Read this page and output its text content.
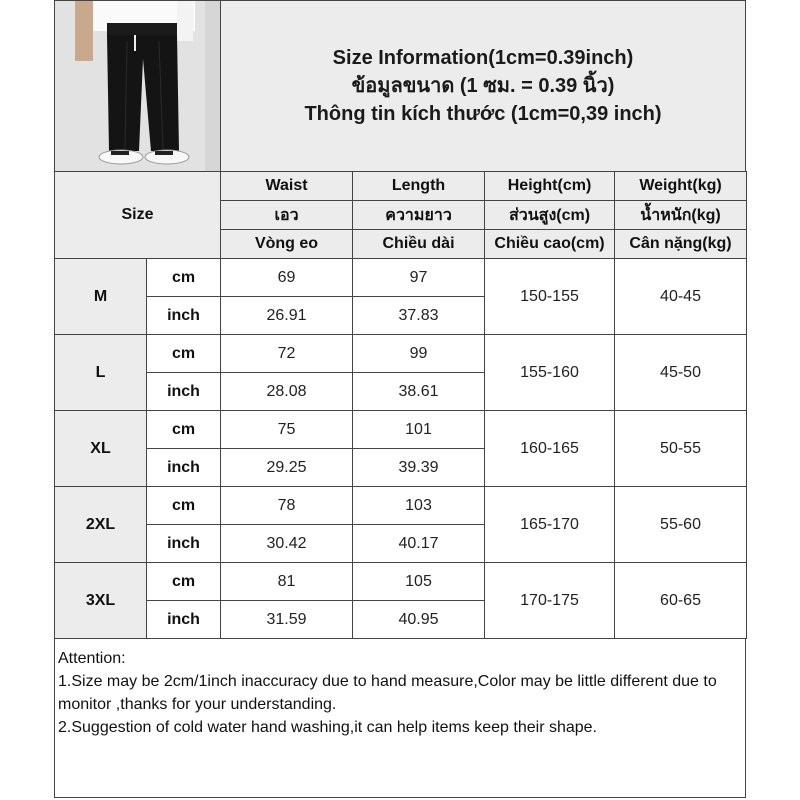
Size Information(1cm=0.39inch)
ข้อมูลขนาด (1 ซม. = 0.39 นิ้ว)
Thông tin kích thước (1cm=0,39 inch)
Size		Waist	Length	Height(cm)	Weight(kg)
		เอว	ความยาว	ส่วนสูง(cm)	น้ำหนัก(kg)
		Vòng eo	Chiều dài	Chiều cao(cm)	Cân nặng(kg)
M	cm	69	97	150-155	40-45
	inch	26.91	37.83		
L	cm	72	99	155-160	45-50
	inch	28.08	38.61		
XL	cm	75	101	160-165	50-55
	inch	29.25	39.39		
2XL	cm	78	103	165-170	55-60
	inch	30.42	40.17		
3XL	cm	81	105	170-175	60-65
	inch	31.59	40.95		
Attention:
1.Size may be 2cm/1inch inaccuracy due to hand measure,Color may be little different due to monitor ,thanks for your understanding.
2.Suggestion of cold water hand washing,it can help items keep their shape.
